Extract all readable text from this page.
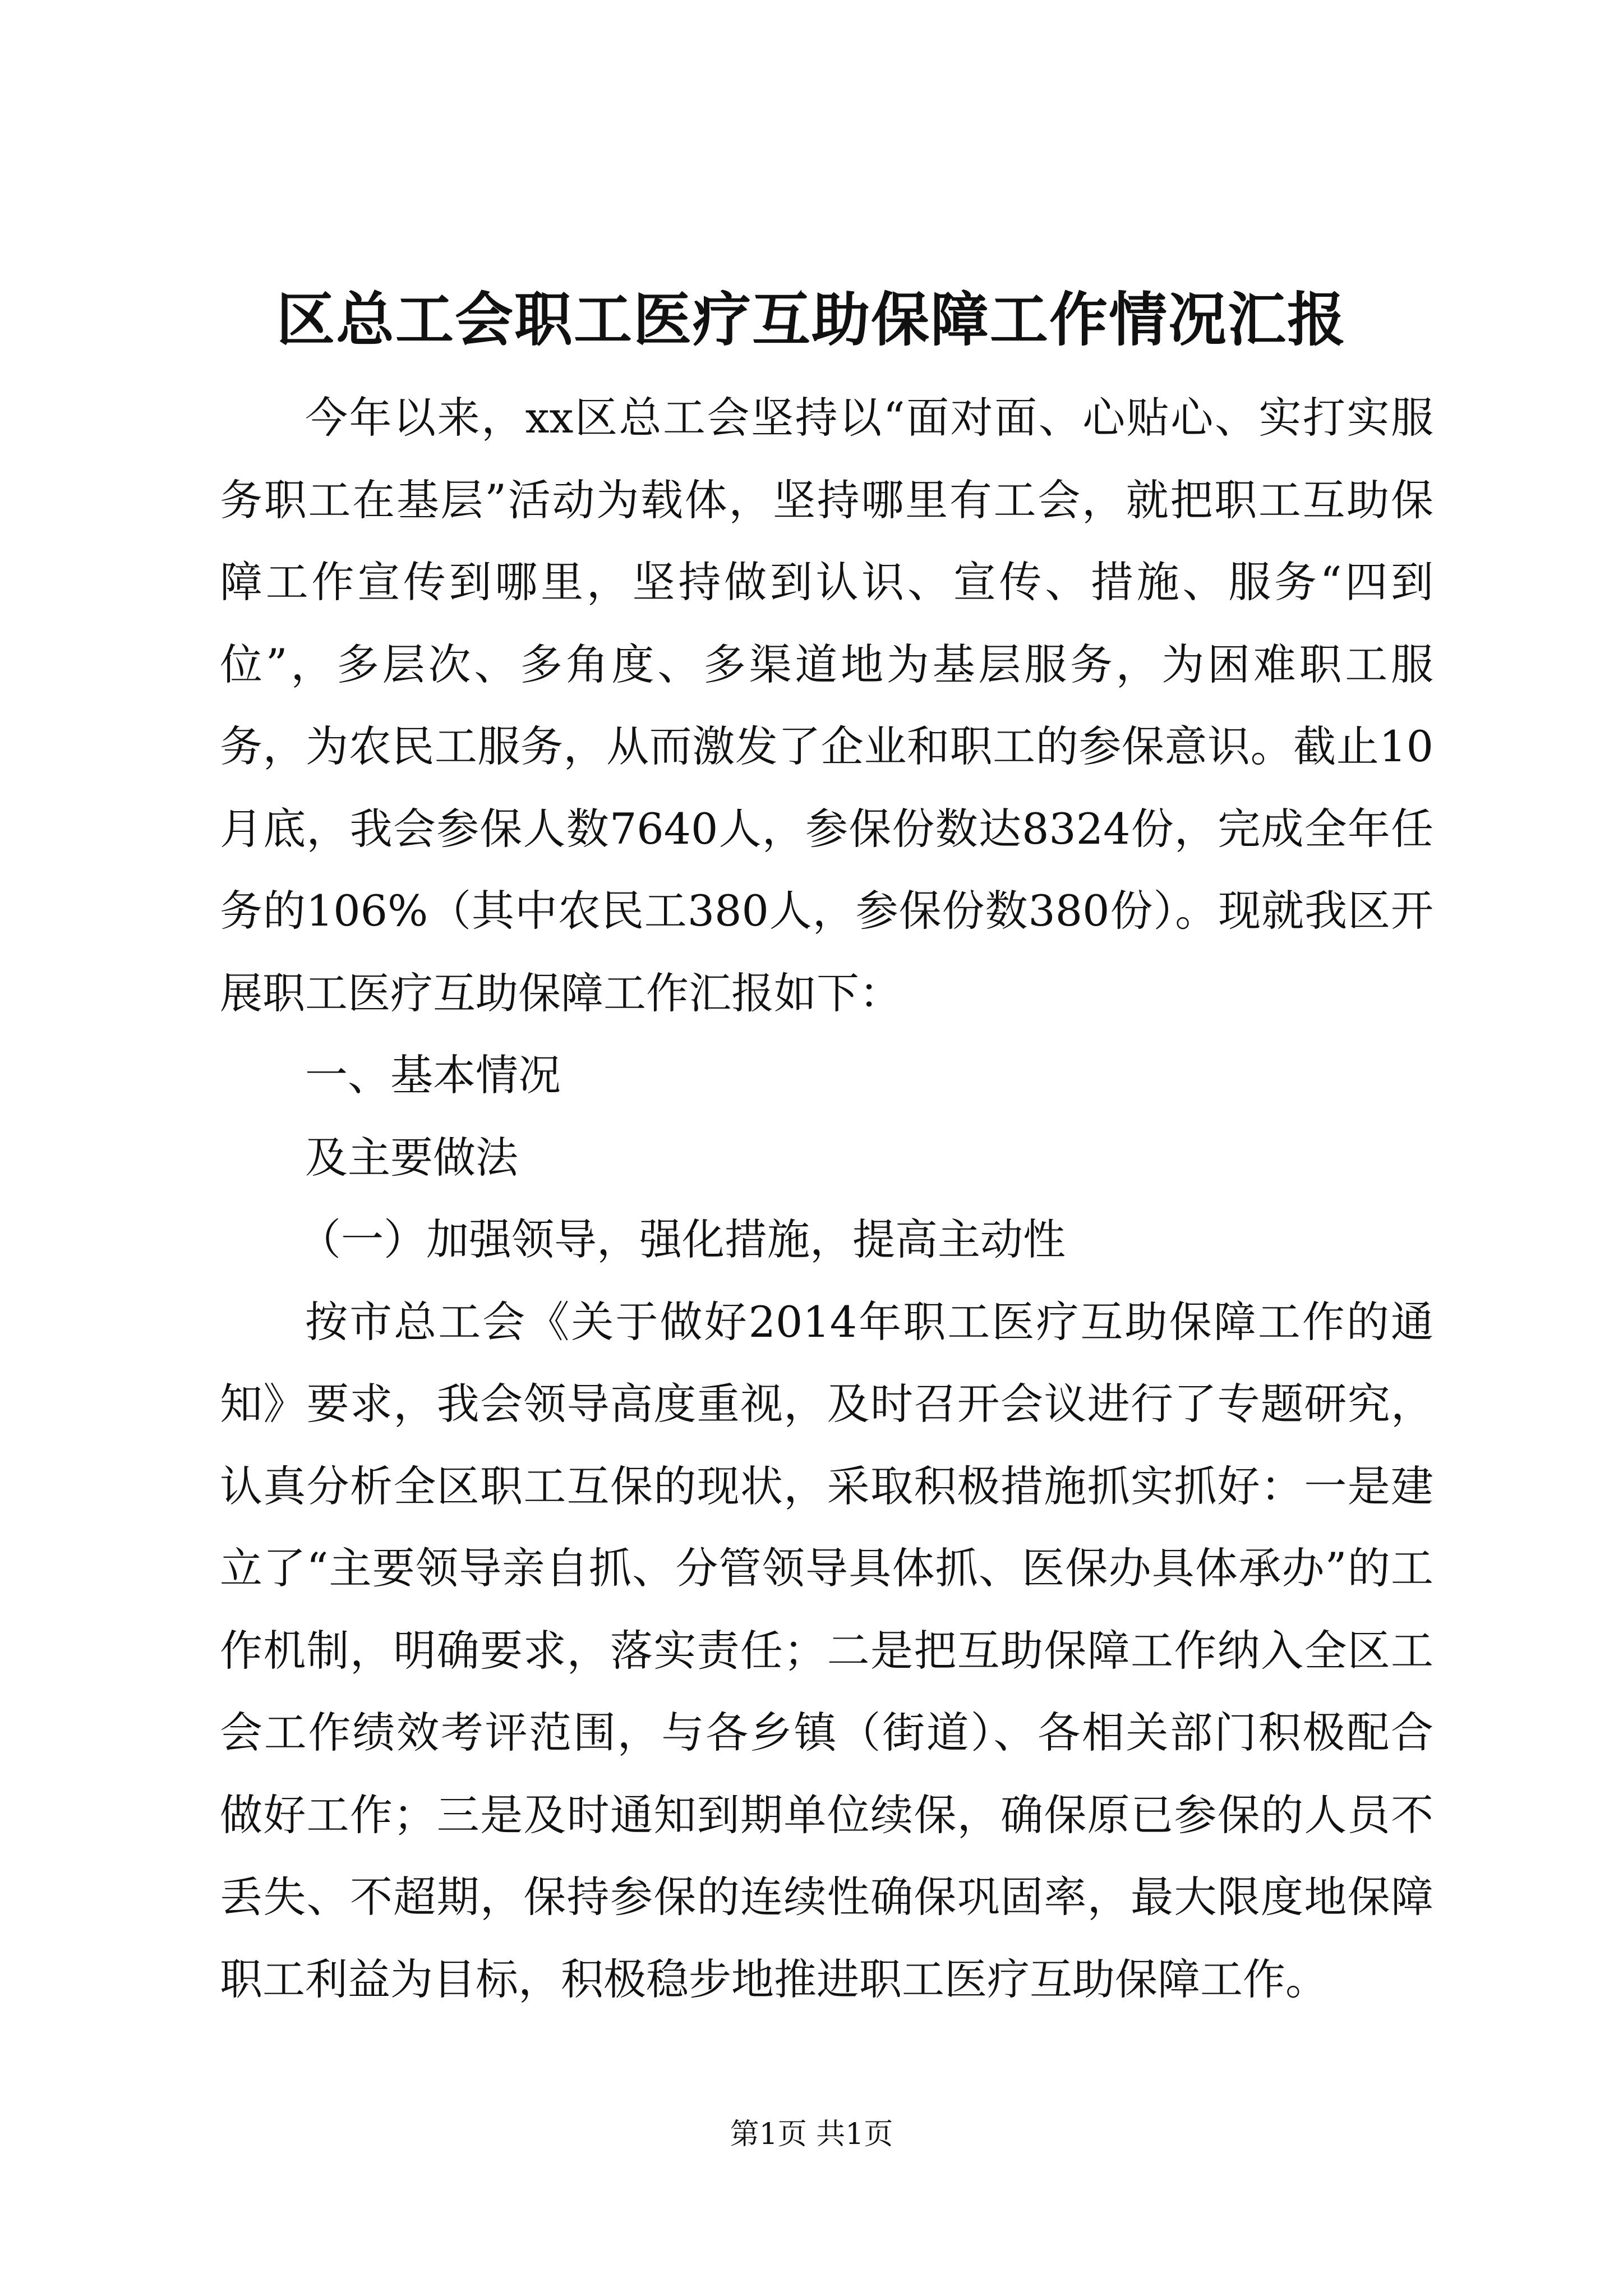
区总工会职工医疗互助保障工作情况汇报

今年以来，xx区总工会坚持以“面对面、心贴心、实打实服务职工在基层”活动为载体，坚持哪里有工会，就把职工互助保障工作宣传到哪里，坚持做到认识、宣传、措施、服务“四到位”，多层次、多角度、多渠道地为基层服务，为困难职工服务，为农民工服务，从而激发了企业和职工的参保意识。截止10月底，我会参保人数7640人，参保份数达8324份，完成全年任务的106%（其中农民工380人，参保份数380份）。现就我区开展职工医疗互助保障工作汇报如下：

一、基本情况

及主要做法

（一）加强领导，强化措施，提高主动性

按市总工会《关于做好2014年职工医疗互助保障工作的通知》要求，我会领导高度重视，及时召开会议进行了专题研究，认真分析全区职工互保的现状，采取积极措施抓实抓好：一是建立了“主要领导亲自抓、分管领导具体抓、医保办具体承办”的工作机制，明确要求，落实责任；二是把互助保障工作纳入全区工会工作绩效考评范围，与各乡镇（街道）、各相关部门积极配合做好工作；三是及时通知到期单位续保，确保原已参保的人员不丢失、不超期，保持参保的连续性确保巩固率，最大限度地保障职工利益为目标，积极稳步地推进职工医疗互助保障工作。

第1页 共1页
